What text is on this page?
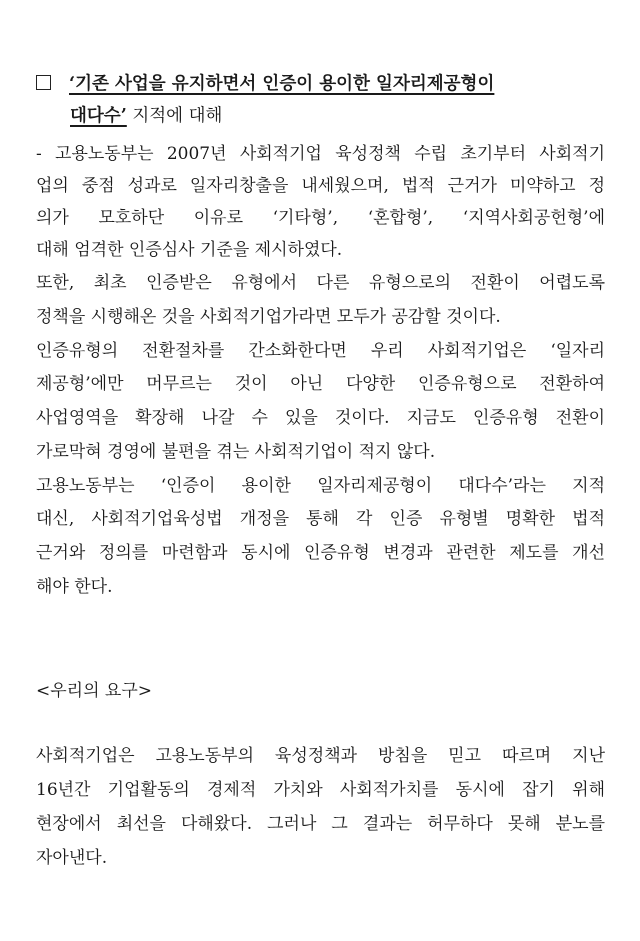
‘기존 사업을 유지하면서 인증이 용이한 일자리제공형이
대다수’ 지적에 대해
- 고용노동부는 2007년 사회적기업 육성정책 수립 초기부터 사회적기
업의 중점 성과로 일자리창출을 내세웠으며, 법적 근거가 미약하고 정
의가 모호하단 이유로 ‘기타형’, ‘혼합형’, ‘지역사회공헌형’에
대해 엄격한 인증심사 기준을 제시하였다.
또한, 최초 인증받은 유형에서 다른 유형으로의 전환이 어렵도록
정책을 시행해온 것을 사회적기업가라면 모두가 공감할 것이다.
인증유형의 전환절차를 간소화한다면 우리 사회적기업은 ‘일자리
제공형’에만 머무르는 것이 아닌 다양한 인증유형으로 전환하여
사업영역을 확장해 나갈 수 있을 것이다. 지금도 인증유형 전환이
가로막혀 경영에 불편을 겪는 사회적기업이 적지 않다.
고용노동부는 ‘인증이 용이한 일자리제공형이 대다수’라는 지적
대신, 사회적기업육성법 개정을 통해 각 인증 유형별 명확한 법적
근거와 정의를 마련함과 동시에 인증유형 변경과 관련한 제도를 개선
해야 한다.
<우리의 요구>
사회적기업은 고용노동부의 육성정책과 방침을 믿고 따르며 지난
16년간 기업활동의 경제적 가치와 사회적가치를 동시에 잡기 위해
현장에서 최선을 다해왔다. 그러나 그 결과는 허무하다 못해 분노를
자아낸다.
